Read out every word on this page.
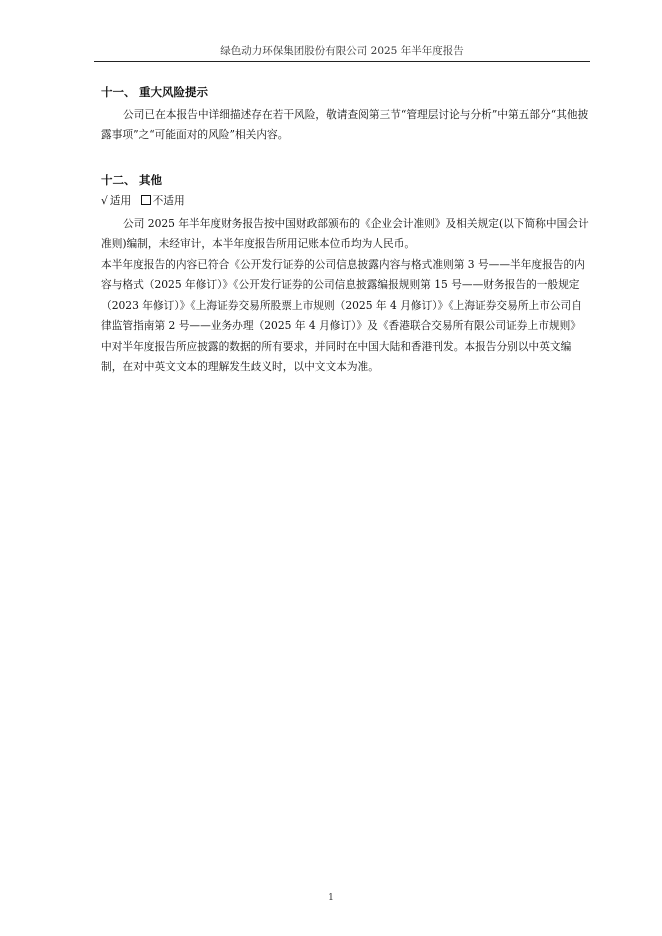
绿色动力环保集团股份有限公司 2025 年半年度报告
十一、 重大风险提示
公司已在本报告中详细描述存在若干风险，敬请查阅第三节“管理层讨论与分析”中第五部分“其他披露事项”之“可能面对的风险”相关内容。
十二、 其他
√ 适用 不适用
公司 2025 年半年度财务报告按中国财政部颁布的《企业会计准则》及相关规定(以下简称中国会计准则)编制，未经审计，本半年度报告所用记账本位币均为人民币。
本半年度报告的内容已符合《公开发行证券的公司信息披露内容与格式准则第 3 号——半年度报告的内容与格式（2025 年修订）》《公开发行证券的公司信息披露编报规则第 15 号——财务报告的一般规定（2023 年修订）》《上海证券交易所股票上市规则（2025 年 4 月修订）》《上海证券交易所上市公司自律监管指南第 2 号——业务办理（2025 年 4 月修订）》及《香港联合交易所有限公司证券上市规则》中对半年度报告所应披露的数据的所有要求，并同时在中国大陆和香港刊发。本报告分别以中英文编制，在对中英文文本的理解发生歧义时，以中文文本为准。
1
